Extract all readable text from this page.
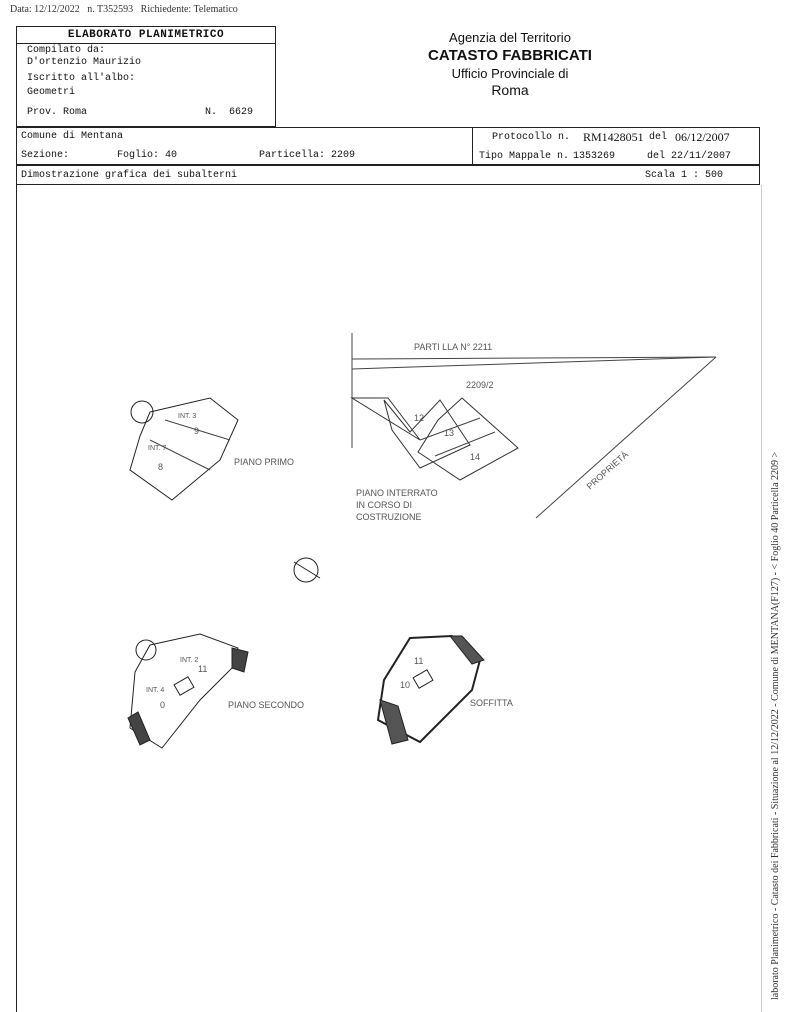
Data: 12/12/2022 n. T352593 Richiedente: Telematico
ELABORATO PLANIMETRICO
Compilato da:
D'ortenzio Maurizio
Iscritto all'albo:
Geometri
Prov. Roma	N. 6629
Agenzia del Territorio
CATASTO FABBRICATI
Ufficio Provinciale di
Roma
Comune di Mentana
Sezione:	Foglio: 40	Particella: 2209
Protocollo n. RM1428051 del 06/12/2007
Tipo Mappale n. 1353269	del 22/11/2007
Dimostrazione grafica dei subalterni	Scala 1 : 500
PARTI LLA N° 2211
2209/2
12
13
14	PROPRIETÀ
PIANO INTERRATO
IN CORSO DI
COSTRUZIONE
PIANO PRIMO
INT. 3
9
INT. 7
8
PIANO SECONDO
INT. 2
11
INT. 4
0	SOFFITTA
11
10	laborato Planimetrico - Catasto dei Fabbricati - Situazione al 12/12/2022 - Comune di MENTANA(F127) - < Foglio 40 Particella 2209 >
